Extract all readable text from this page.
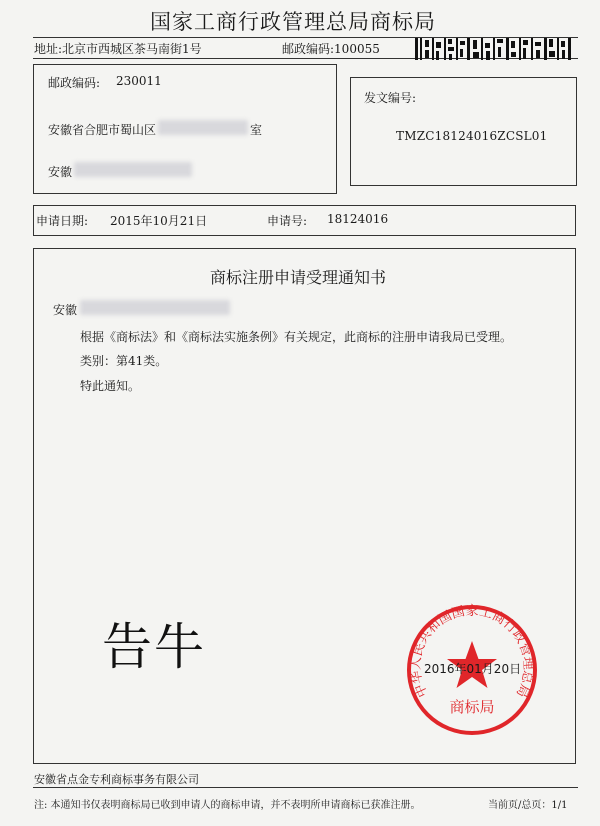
国家工商行政管理总局商标局
地址:北京市西城区茶马南街1号	邮政编码:100055
邮政编码: 230011
安徽省合肥市蜀山区	室
安徽
发文编号:
TMZC18124016ZCSL01
申请日期: 2015年10月21日	申请号: 18124016
商标注册申请受理通知书
安徽
根据《商标法》和《商标法实施条例》有关规定，此商标的注册申请我局已受理。
类别：第41类。
特此通知。
告牛
中华人民共和国国家工商行政管理总局
商标局
2016年01月20日
安徽省点金专利商标事务有限公司
注: 本通知书仅表明商标局已收到申请人的商标申请，并不表明所申请商标已获准注册。	当前页/总页：1/1
